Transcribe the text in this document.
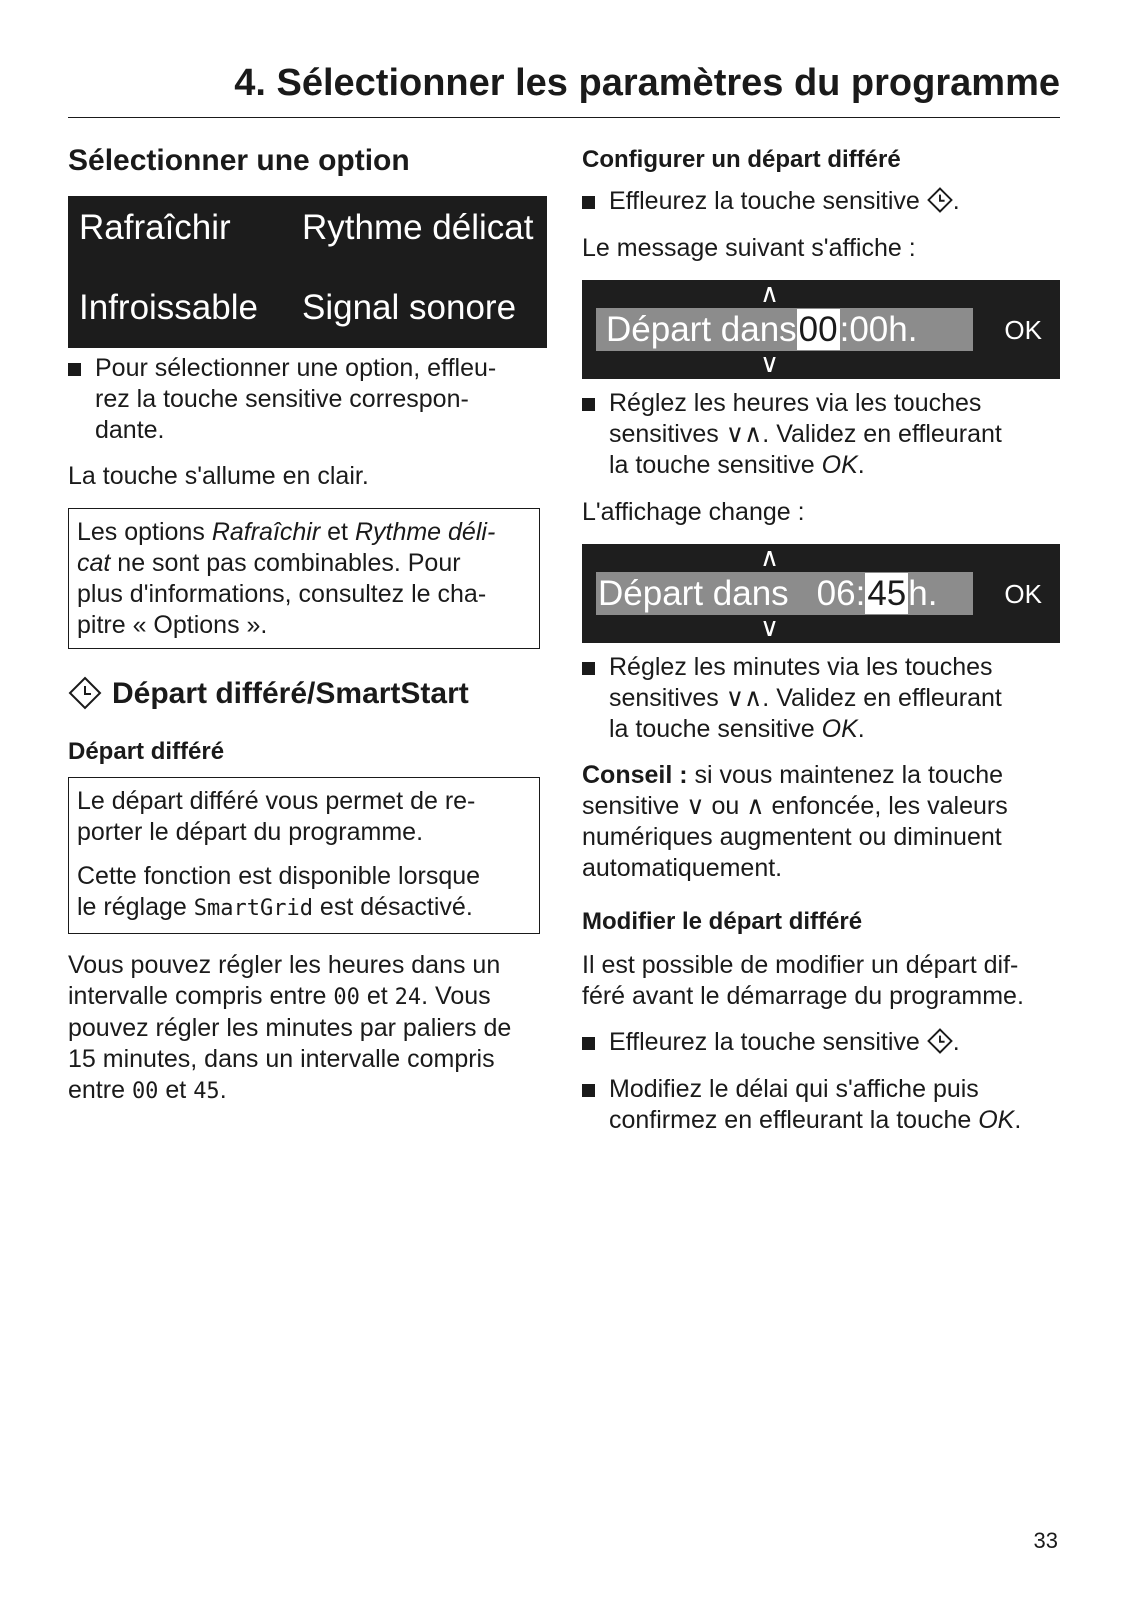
4. Sélectionner les paramètres du programme
Sélectionner une option
Rafraîchir Rythme délicat
Infroissable Signal sonore
Pour sélectionner une option, effleu-
rez la touche sensitive correspon-
dante.
La touche s'allume en clair.
Les options Rafraîchir et Rythme déli-
cat ne sont pas combinables. Pour
plus d'informations, consultez le cha-
pitre « Options ».
Départ différé/SmartStart
Départ différé

Le départ différé vous permet de re-
porter le départ du programme.

Cette fonction est disponible lorsque
le réglage SmartGrid est désactivé.

Vous pouvez régler les heures dans un
intervalle compris entre 00 et 24. Vous
pouvez régler les minutes par paliers de
15 minutes, dans un intervalle compris
entre 00 et 45.
Configurer un départ différé
Effleurez la touche sensitive .
Le message suivant s'affiche :
∧
Départ dans00:00h.
∨
OK
Réglez les heures via les touches
sensitives ∨∧. Validez en effleurant
la touche sensitive OK.
L'affichage change :
∧
Départ dans 06:45h.
∨
OK
Réglez les minutes via les touches
sensitives ∨∧. Validez en effleurant
la touche sensitive OK.
Conseil : si vous maintenez la touche
sensitive ∨ ou ∧ enfoncée, les valeurs
numériques augmentent ou diminuent
automatiquement.
Modifier le départ différé
Il est possible de modifier un départ dif-
féré avant le démarrage du programme.
Effleurez la touche sensitive .
Modifiez le délai qui s'affiche puis
confirmez en effleurant la touche OK.
33
